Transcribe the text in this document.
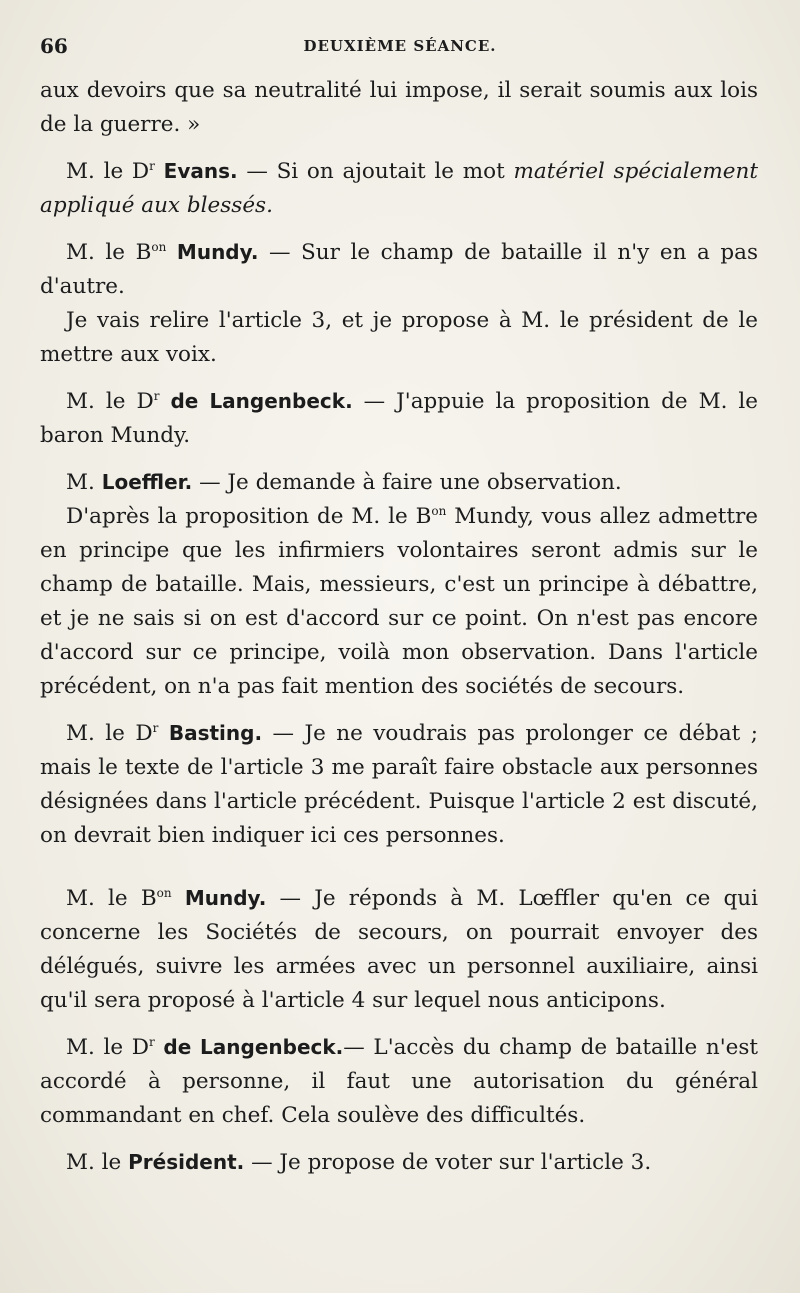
66	DEUXIÈME SÉANCE.

aux devoirs que sa neutralité lui impose, il serait soumis aux lois de la guerre. »

M. le $D^r$ Evans. — Si on ajoutait le mot matériel spécialement appliqué aux blessés.

M. le $B^{on}$ Mundy. — Sur le champ de bataille il n'y en a pas d'autre.

Je vais relire l'article 3, et je propose à M. le président de le mettre aux voix.

M. le $D^r$ de Langenbeck. — J'appuie la proposition de M. le baron Mundy.

M. Loeffler. — Je demande à faire une observation.

D'après la proposition de M. le $B^{on}$ Mundy, vous allez admettre en principe que les infirmiers volontaires seront admis sur le champ de bataille. Mais, messieurs, c'est un principe à débattre, et je ne sais si on est d'accord sur ce point. On n'est pas encore d'accord sur ce principe, voilà mon observation. Dans l'article précédent, on n'a pas fait mention des sociétés de secours.

M. le $D^r$ Basting. — Je ne voudrais pas prolonger ce débat ; mais le texte de l'article 3 me paraît faire obstacle aux personnes désignées dans l'article précédent. Puisque l'article 2 est discuté, on devrait bien indiquer ici ces personnes.

M. le $B^{on}$ Mundy. — Je réponds à M. Lœffler qu'en ce qui concerne les Sociétés de secours, on pourrait envoyer des délégués, suivre les armées avec un personnel auxiliaire, ainsi qu'il sera proposé à l'article 4 sur lequel nous anticipons.

M. le $D^r$ de Langenbeck.— L'accès du champ de bataille n'est accordé à personne, il faut une autorisation du général commandant en chef. Cela soulève des difficultés.

M. le Président. — Je propose de voter sur l'article 3.
